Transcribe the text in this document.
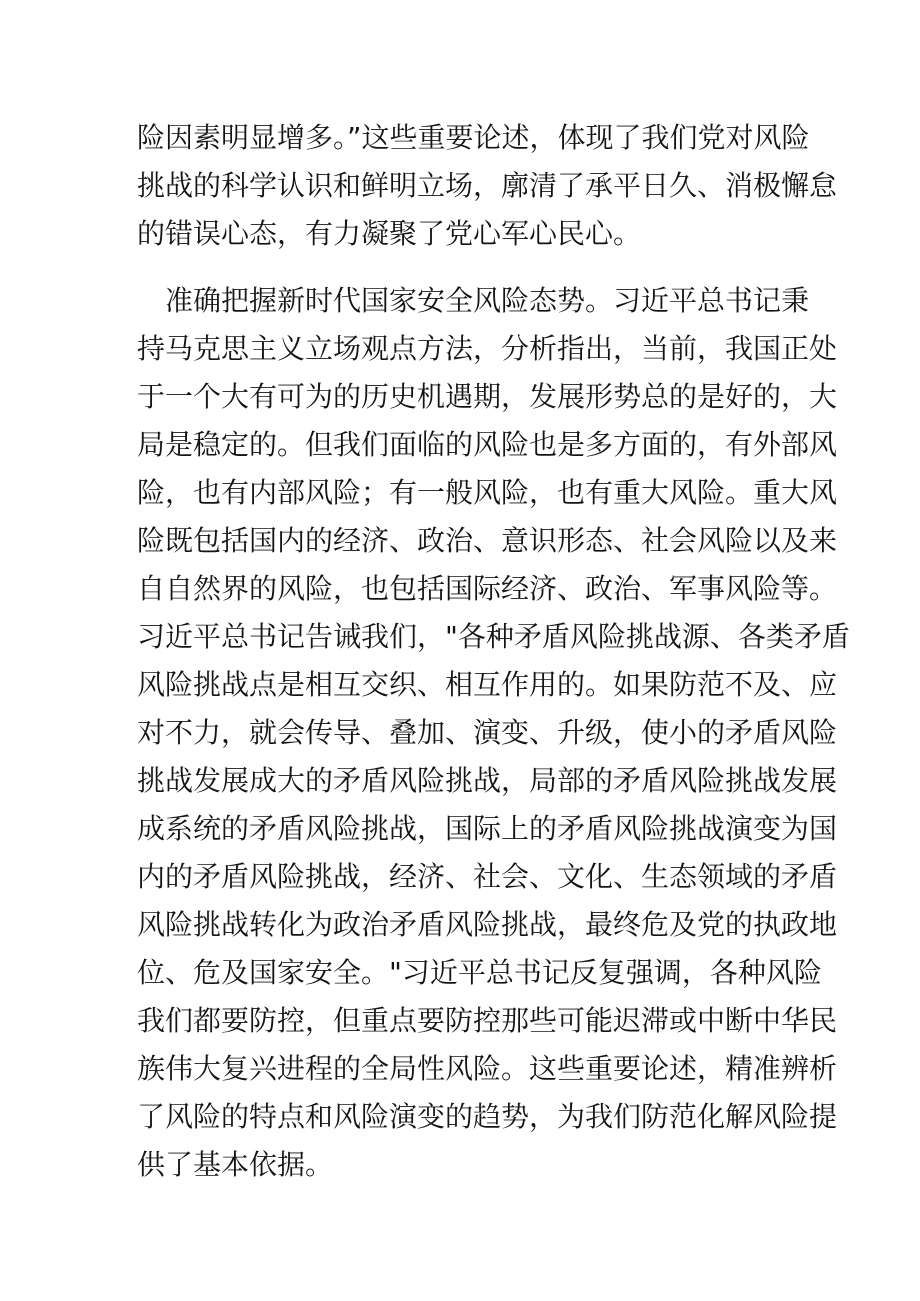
险因素明显增多。”这些重要论述，体现了我们党对风险
挑战的科学认识和鲜明立场，廓清了承平日久、消极懈怠
的错误心态，有力凝聚了党心军心民心。
准确把握新时代国家安全风险态势。习近平总书记秉
持马克思主义立场观点方法，分析指出，当前，我国正处
于一个大有可为的历史机遇期，发展形势总的是好的，大
局是稳定的。但我们面临的风险也是多方面的，有外部风
险，也有内部风险；有一般风险，也有重大风险。重大风
险既包括国内的经济、政治、意识形态、社会风险以及来
自自然界的风险，也包括国际经济、政治、军事风险等。
习近平总书记告诫我们，"各种矛盾风险挑战源、各类矛盾
风险挑战点是相互交织、相互作用的。如果防范不及、应
对不力，就会传导、叠加、演变、升级，使小的矛盾风险
挑战发展成大的矛盾风险挑战，局部的矛盾风险挑战发展
成系统的矛盾风险挑战，国际上的矛盾风险挑战演变为国
内的矛盾风险挑战，经济、社会、文化、生态领域的矛盾
风险挑战转化为政治矛盾风险挑战，最终危及党的执政地
位、危及国家安全。"习近平总书记反复强调，各种风险
我们都要防控，但重点要防控那些可能迟滞或中断中华民
族伟大复兴进程的全局性风险。这些重要论述，精准辨析
了风险的特点和风险演变的趋势，为我们防范化解风险提
供了基本依据。
